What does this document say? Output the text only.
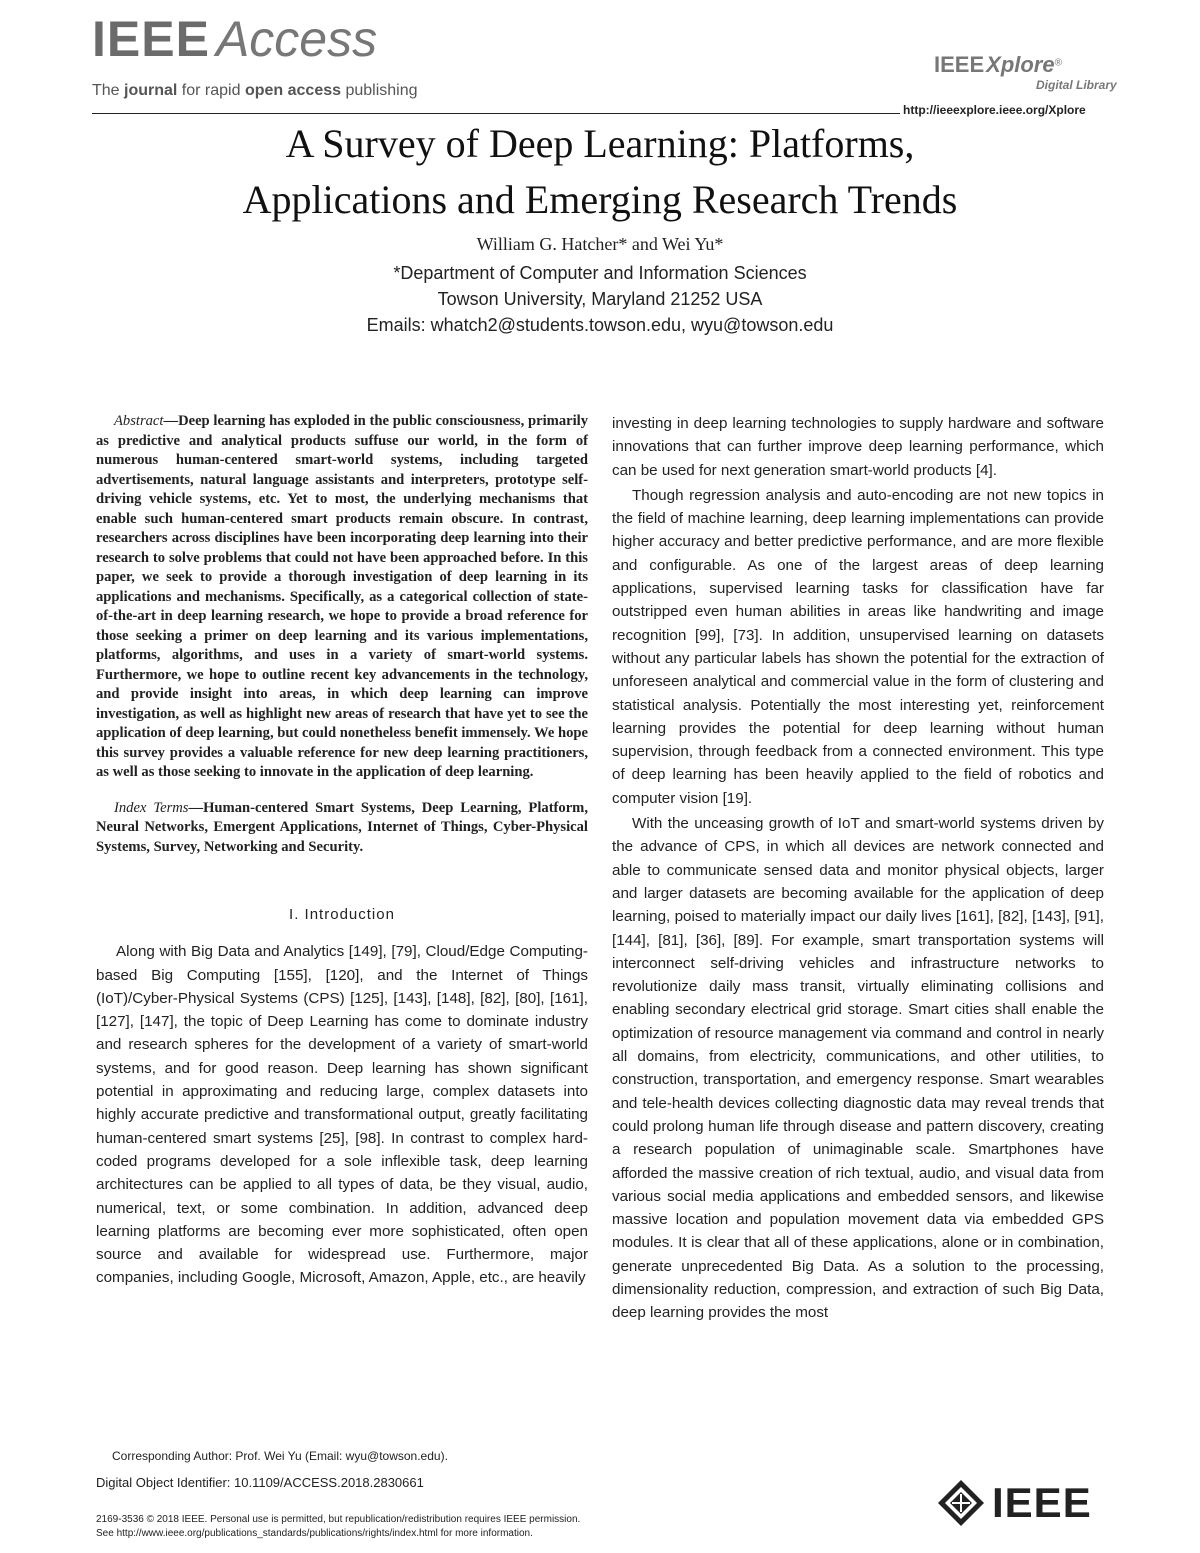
IEEE Access
The journal for rapid open access publishing
IEEEXplore®
Digital Library
http://ieeexplore.ieee.org/Xplore
A Survey of Deep Learning: Platforms,
Applications and Emerging Research Trends
William G. Hatcher* and Wei Yu*
*Department of Computer and Information Sciences
Towson University, Maryland 21252 USA
Emails: whatch2@students.towson.edu, wyu@towson.edu

Abstract—Deep learning has exploded in the public consciousness, primarily as predictive and analytical products suffuse our world, in the form of numerous human-centered smart-world systems, including targeted advertisements, natural language assistants and interpreters, prototype self-driving vehicle systems, etc. Yet to most, the underlying mechanisms that enable such human-centered smart products remain obscure. In contrast, researchers across disciplines have been incorporating deep learning into their research to solve problems that could not have been approached before. In this paper, we seek to provide a thorough investigation of deep learning in its applications and mechanisms. Specifically, as a categorical collection of state-of-the-art in deep learning research, we hope to provide a broad reference for those seeking a primer on deep learning and its various implementations, platforms, algorithms, and uses in a variety of smart-world systems. Furthermore, we hope to outline recent key advancements in the technology, and provide insight into areas, in which deep learning can improve investigation, as well as highlight new areas of research that have yet to see the application of deep learning, but could nonetheless benefit immensely. We hope this survey provides a valuable reference for new deep learning practitioners, as well as those seeking to innovate in the application of deep learning.

Index Terms—Human-centered Smart Systems, Deep Learning, Platform, Neural Networks, Emergent Applications, Internet of Things, Cyber-Physical Systems, Survey, Networking and Security.

I. Introduction

Along with Big Data and Analytics [149], [79], Cloud/Edge Computing-based Big Computing [155], [120], and the Internet of Things (IoT)/Cyber-Physical Systems (CPS) [125], [143], [148], [82], [80], [161], [127], [147], the topic of Deep Learning has come to dominate industry and research spheres for the development of a variety of smart-world systems, and for good reason. Deep learning has shown significant potential in approximating and reducing large, complex datasets into highly accurate predictive and transformational output, greatly facilitating human-centered smart systems [25], [98]. In contrast to complex hard-coded programs developed for a sole inflexible task, deep learning architectures can be applied to all types of data, be they visual, audio, numerical, text, or some combination. In addition, advanced deep learning platforms are becoming ever more sophisticated, often open source and available for widespread use. Furthermore, major companies, including Google, Microsoft, Amazon, Apple, etc., are heavily

investing in deep learning technologies to supply hardware and software innovations that can further improve deep learning performance, which can be used for next generation smart-world products [4].

Though regression analysis and auto-encoding are not new topics in the field of machine learning, deep learning implementations can provide higher accuracy and better predictive performance, and are more flexible and configurable. As one of the largest areas of deep learning applications, supervised learning tasks for classification have far outstripped even human abilities in areas like handwriting and image recognition [99], [73]. In addition, unsupervised learning on datasets without any particular labels has shown the potential for the extraction of unforeseen analytical and commercial value in the form of clustering and statistical analysis. Potentially the most interesting yet, reinforcement learning provides the potential for deep learning without human supervision, through feedback from a connected environment. This type of deep learning has been heavily applied to the field of robotics and computer vision [19].

With the unceasing growth of IoT and smart-world systems driven by the advance of CPS, in which all devices are network connected and able to communicate sensed data and monitor physical objects, larger and larger datasets are becoming available for the application of deep learning, poised to materially impact our daily lives [161], [82], [143], [91], [144], [81], [36], [89]. For example, smart transportation systems will interconnect self-driving vehicles and infrastructure networks to revolutionize daily mass transit, virtually eliminating collisions and enabling secondary electrical grid storage. Smart cities shall enable the optimization of resource management via command and control in nearly all domains, from electricity, communications, and other utilities, to construction, transportation, and emergency response. Smart wearables and tele-health devices collecting diagnostic data may reveal trends that could prolong human life through disease and pattern discovery, creating a research population of unimaginable scale. Smartphones have afforded the massive creation of rich textual, audio, and visual data from various social media applications and embedded sensors, and likewise massive location and population movement data via embedded GPS modules. It is clear that all of these applications, alone or in combination, generate unprecedented Big Data. As a solution to the processing, dimensionality reduction, compression, and extraction of such Big Data, deep learning provides the most

Corresponding Author: Prof. Wei Yu (Email: wyu@towson.edu).
Digital Object Identifier: 10.1109/ACCESS.2018.2830661
2169-3536 © 2018 IEEE. Personal use is permitted, but republication/redistribution requires IEEE permission.
See http://www.ieee.org/publications_standards/publications/rights/index.html for more information.
IEEE
